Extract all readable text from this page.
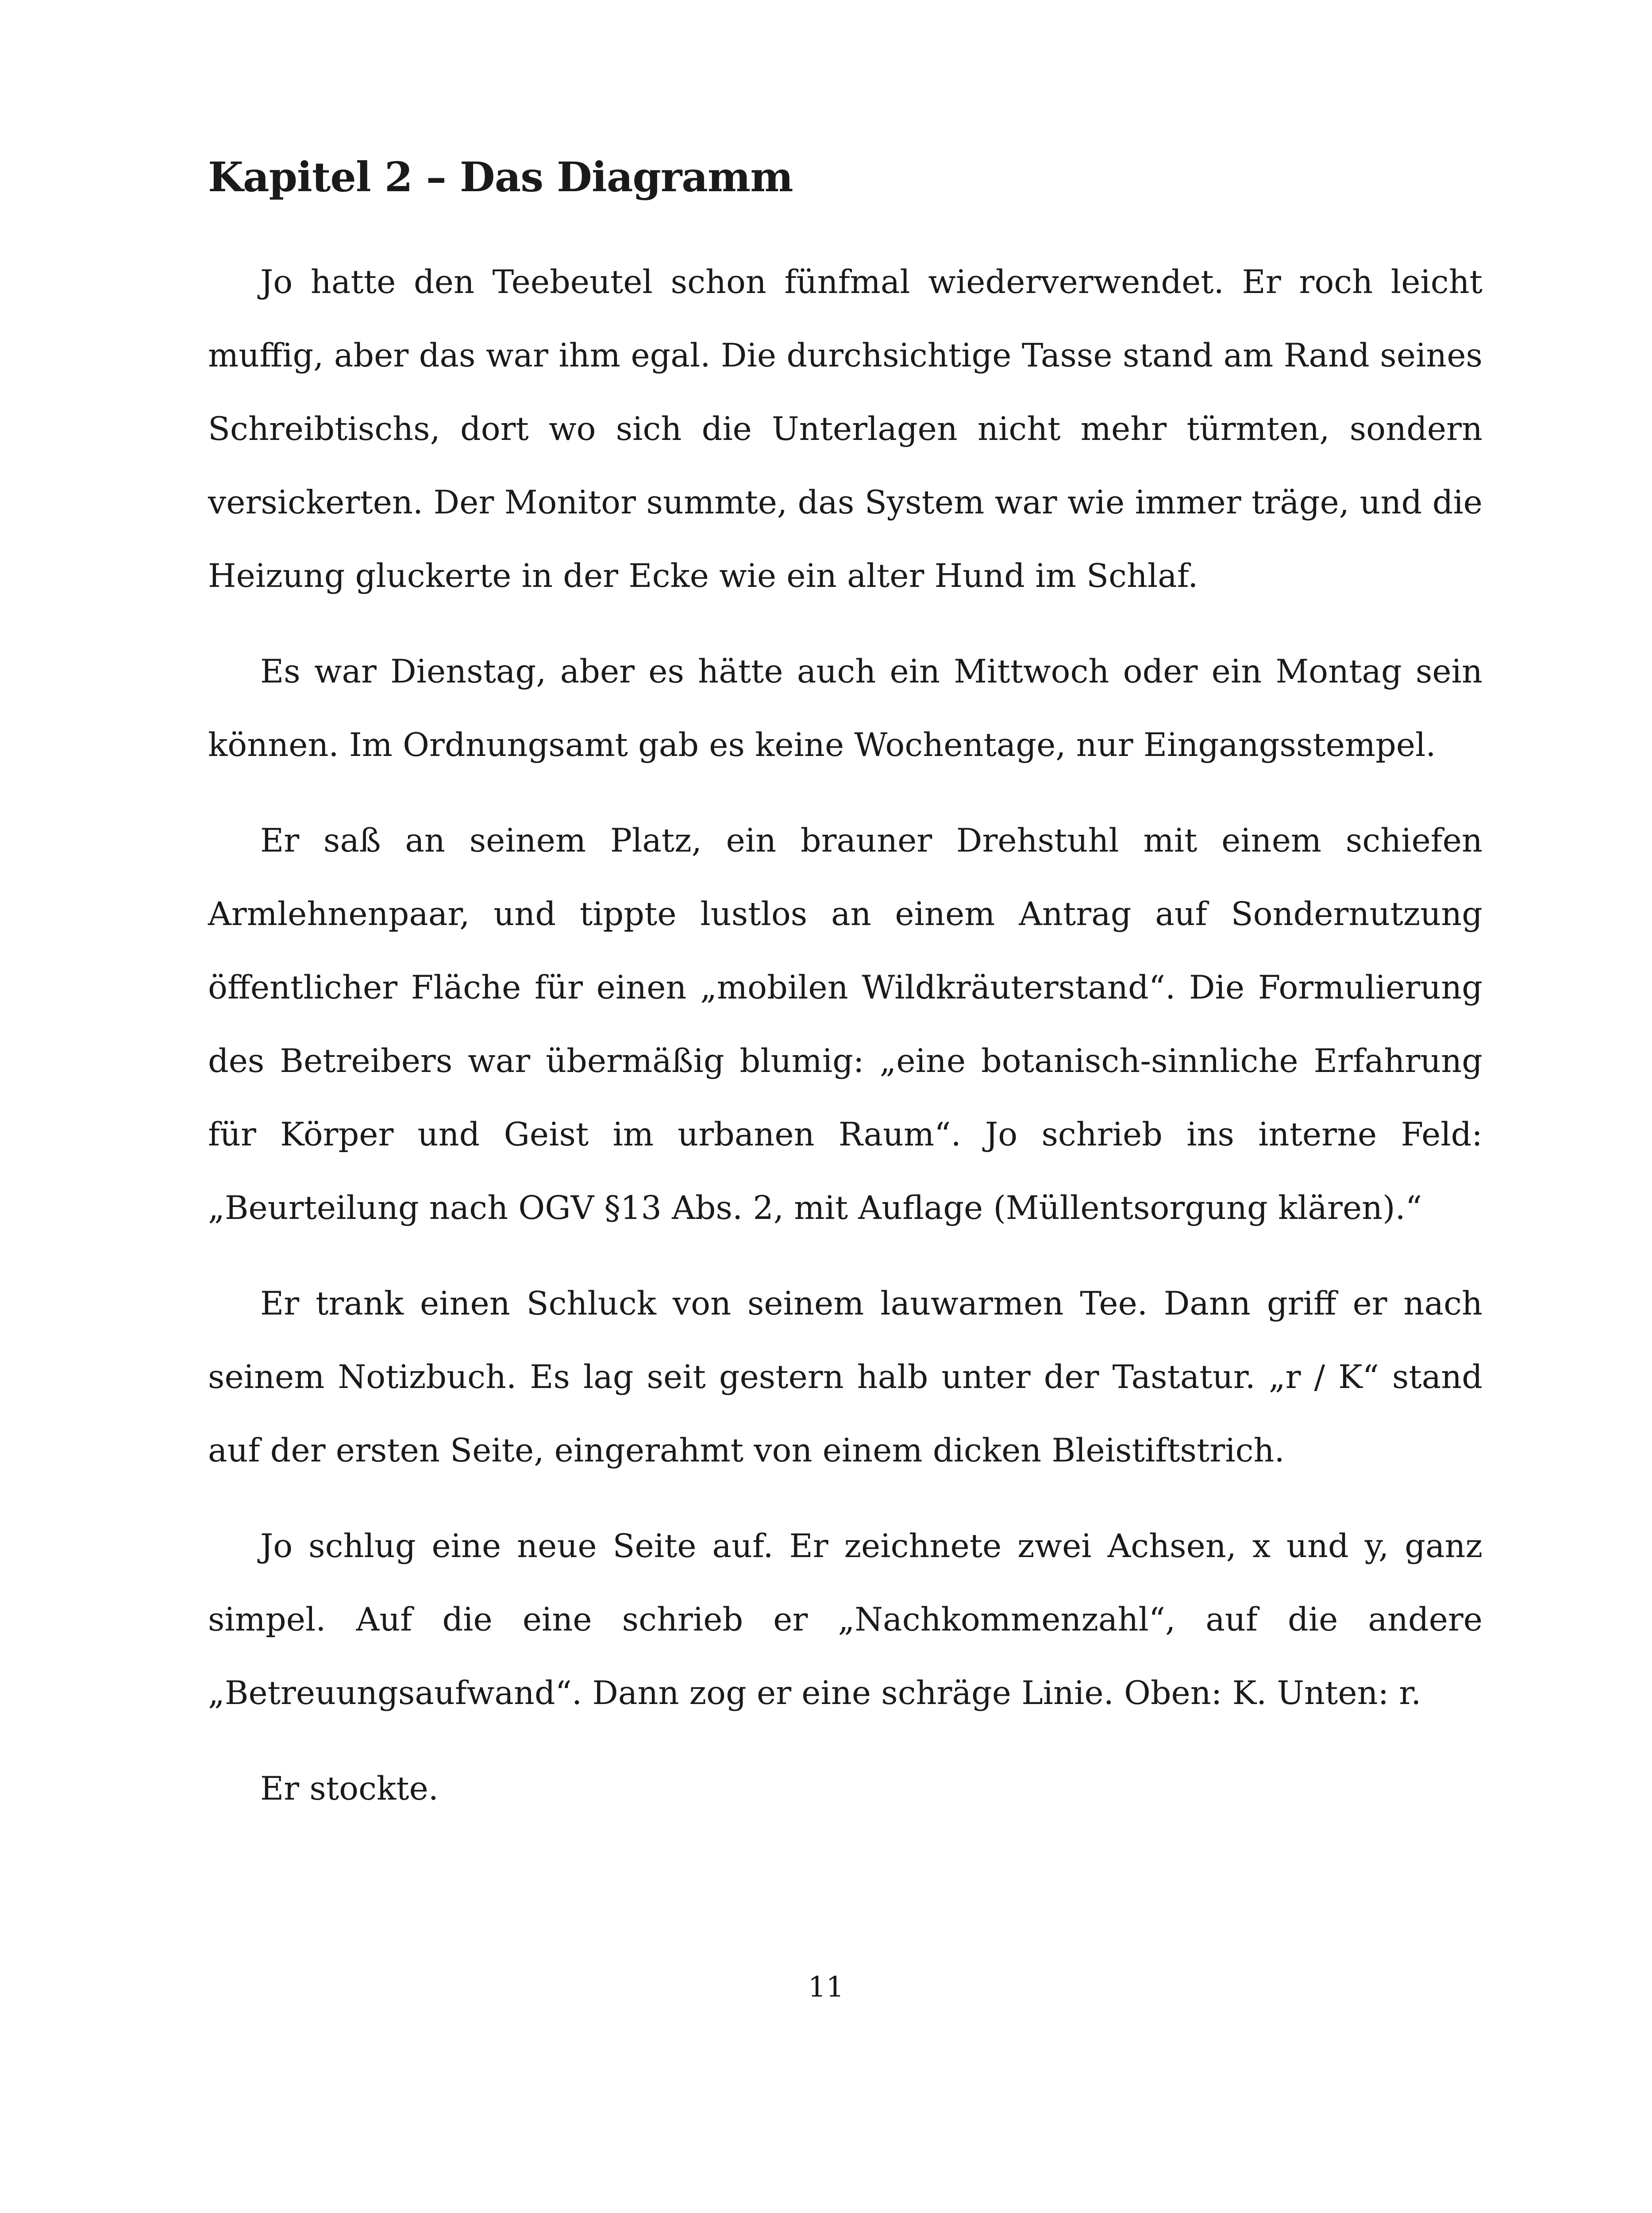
Kapitel 2 – Das Diagramm

Jo hatte den Teebeutel schon fünfmal wiederverwendet. Er roch leicht muffig, aber das war ihm egal. Die durchsichtige Tasse stand am Rand seines Schreibtischs, dort wo sich die Unterlagen nicht mehr türmten, sondern versickerten. Der Monitor summte, das System war wie immer träge, und die Heizung gluckerte in der Ecke wie ein alter Hund im Schlaf.

Es war Dienstag, aber es hätte auch ein Mittwoch oder ein Montag sein können. Im Ordnungsamt gab es keine Wochentage, nur Eingangsstempel.

Er saß an seinem Platz, ein brauner Drehstuhl mit einem schiefen Armlehnenpaar, und tippte lustlos an einem Antrag auf Sondernutzung öffentlicher Fläche für einen „mobilen Wildkräuterstand“. Die Formulierung des Betreibers war übermäßig blumig: „eine botanisch-sinnliche Erfahrung für Körper und Geist im urbanen Raum“. Jo schrieb ins interne Feld: „Beurteilung nach OGV §13 Abs. 2, mit Auflage (Müllentsorgung klären).“

Er trank einen Schluck von seinem lauwarmen Tee. Dann griff er nach seinem Notizbuch. Es lag seit gestern halb unter der Tastatur. „r / K“ stand auf der ersten Seite, eingerahmt von einem dicken Bleistiftstrich.

Jo schlug eine neue Seite auf. Er zeichnete zwei Achsen, x und y, ganz simpel. Auf die eine schrieb er „Nachkommenzahl“, auf die andere „Betreuungsaufwand“. Dann zog er eine schräge Linie. Oben: K. Unten: r.

Er stockte.

11
